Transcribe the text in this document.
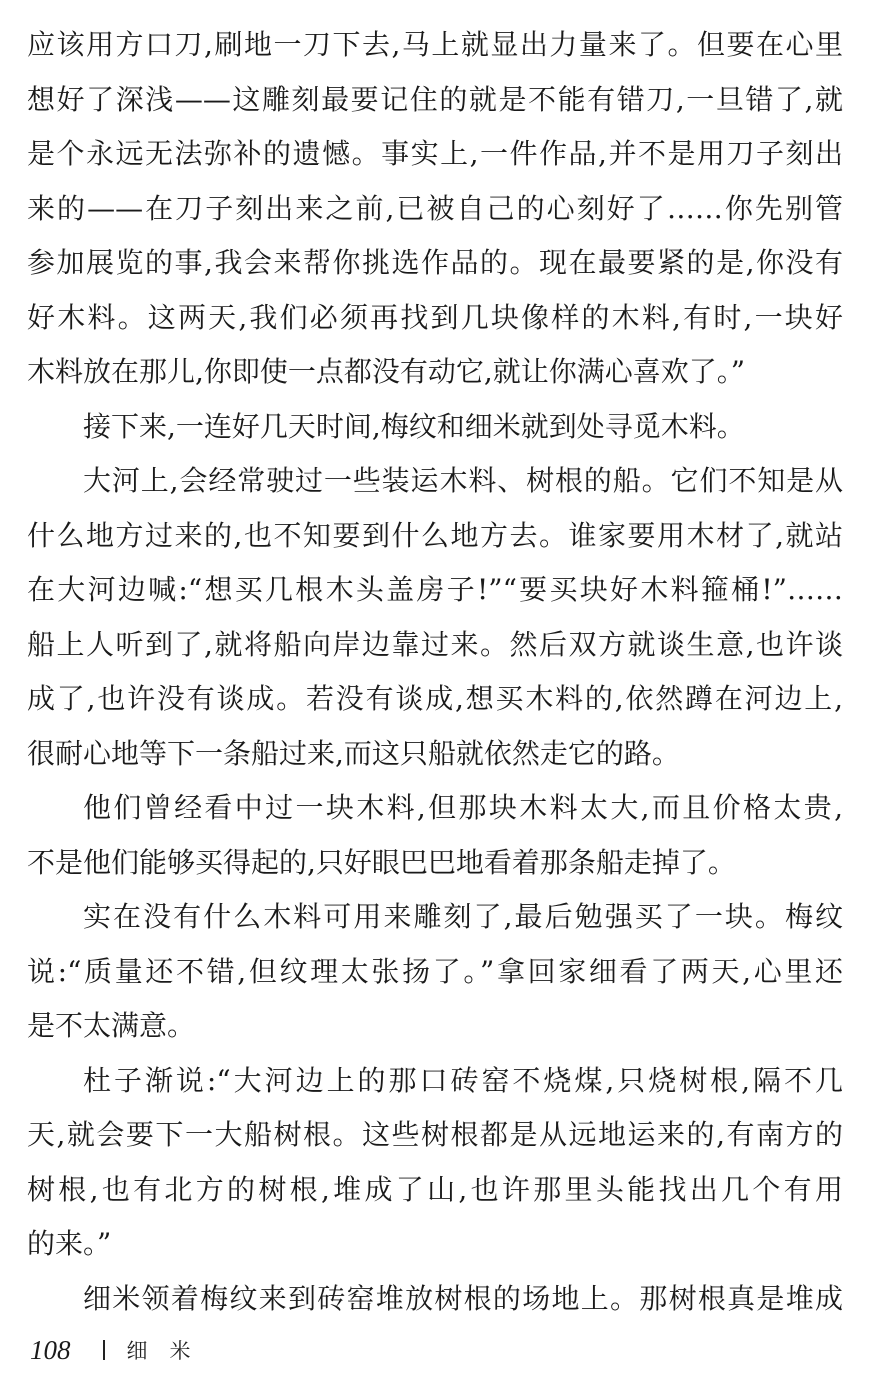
应该用方口刀,刷地一刀下去,马上就显出力量来了。但要在心里
想好了深浅——这雕刻最要记住的就是不能有错刀,一旦错了,就
是个永远无法弥补的遗憾。事实上,一件作品,并不是用刀子刻出
来的——在刀子刻出来之前,已被自己的心刻好了……你先别管
参加展览的事,我会来帮你挑选作品的。现在最要紧的是,你没有
好木料。这两天,我们必须再找到几块像样的木料,有时,一块好
木料放在那儿,你即使一点都没有动它,就让你满心喜欢了。”
接下来,一连好几天时间,梅纹和细米就到处寻觅木料。
大河上,会经常驶过一些装运木料、树根的船。它们不知是从
什么地方过来的,也不知要到什么地方去。谁家要用木材了,就站
在大河边喊:“想买几根木头盖房子!”“要买块好木料箍桶!”……
船上人听到了,就将船向岸边靠过来。然后双方就谈生意,也许谈
成了,也许没有谈成。若没有谈成,想买木料的,依然蹲在河边上,
很耐心地等下一条船过来,而这只船就依然走它的路。
他们曾经看中过一块木料,但那块木料太大,而且价格太贵,
不是他们能够买得起的,只好眼巴巴地看着那条船走掉了。
实在没有什么木料可用来雕刻了,最后勉强买了一块。梅纹
说:“质量还不错,但纹理太张扬了。”拿回家细看了两天,心里还
是不太满意。
杜子渐说:“大河边上的那口砖窑不烧煤,只烧树根,隔不几
天,就会要下一大船树根。这些树根都是从远地运来的,有南方的
树根,也有北方的树根,堆成了山,也许那里头能找出几个有用
的来。”
细米领着梅纹来到砖窑堆放树根的场地上。那树根真是堆成
108	细米
